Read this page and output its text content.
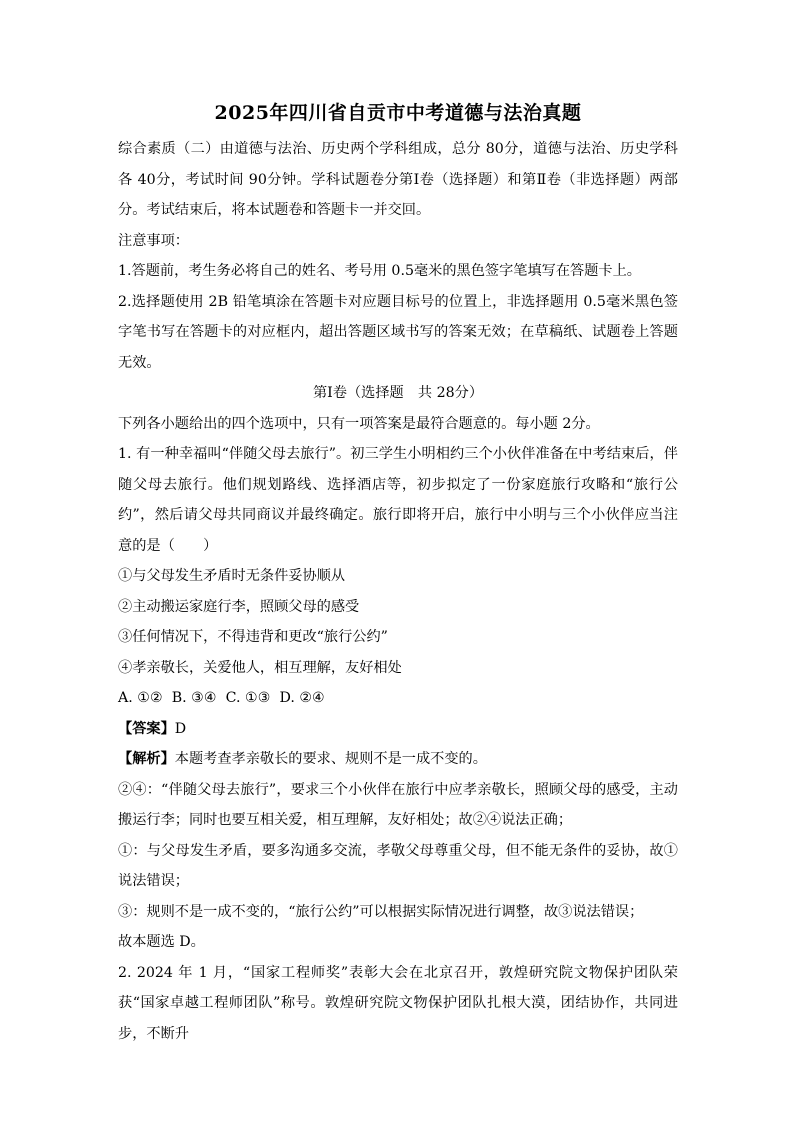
2025年四川省自贡市中考道德与法治真题

综合素质（二）由道德与法治、历史两个学科组成，总分 80分，道德与法治、历史学科各 40分，考试时间 90分钟。学科试题卷分第Ⅰ卷（选择题）和第Ⅱ卷（非选择题）两部分。考试结束后，将本试题卷和答题卡一并交回。

注意事项：

1.答题前，考生务必将自己的姓名、考号用 0.5毫米的黑色签字笔填写在答题卡上。

2.选择题使用 2B 铅笔填涂在答题卡对应题目标号的位置上，非选择题用 0.5毫米黑色签字笔书写在答题卡的对应框内，超出答题区域书写的答案无效；在草稿纸、试题卷上答题无效。

第Ⅰ卷（选择题　共 28分）

下列各小题给出的四个选项中，只有一项答案是最符合题意的。每小题 2分。

1. 有一种幸福叫“伴随父母去旅行”。初三学生小明相约三个小伙伴准备在中考结束后，伴随父母去旅行。他们规划路线、选择酒店等，初步拟定了一份家庭旅行攻略和“旅行公约”，然后请父母共同商议并最终确定。旅行即将开启，旅行中小明与三个小伙伴应当注意的是（　　）

①与父母发生矛盾时无条件妥协顺从

②主动搬运家庭行李，照顾父母的感受

③任何情况下，不得违背和更改“旅行公约”

④孝亲敬长，关爱他人，相互理解，友好相处

A. ①②  B. ③④  C. ①③  D. ②④

【答案】D

【解析】本题考查孝亲敬长的要求、规则不是一成不变的。

②④：“伴随父母去旅行”，要求三个小伙伴在旅行中应孝亲敬长，照顾父母的感受，主动搬运行李；同时也要互相关爱，相互理解，友好相处；故②④说法正确；

①：与父母发生矛盾，要多沟通多交流，孝敬父母尊重父母，但不能无条件的妥协，故①说法错误；

③：规则不是一成不变的，“旅行公约”可以根据实际情况进行调整，故③说法错误；

故本题选 D。

2. 2024 年 1 月，“国家工程师奖”表彰大会在北京召开，敦煌研究院文物保护团队荣获“国家卓越工程师团队”称号。敦煌研究院文物保护团队扎根大漠，团结协作，共同进步，不断升
